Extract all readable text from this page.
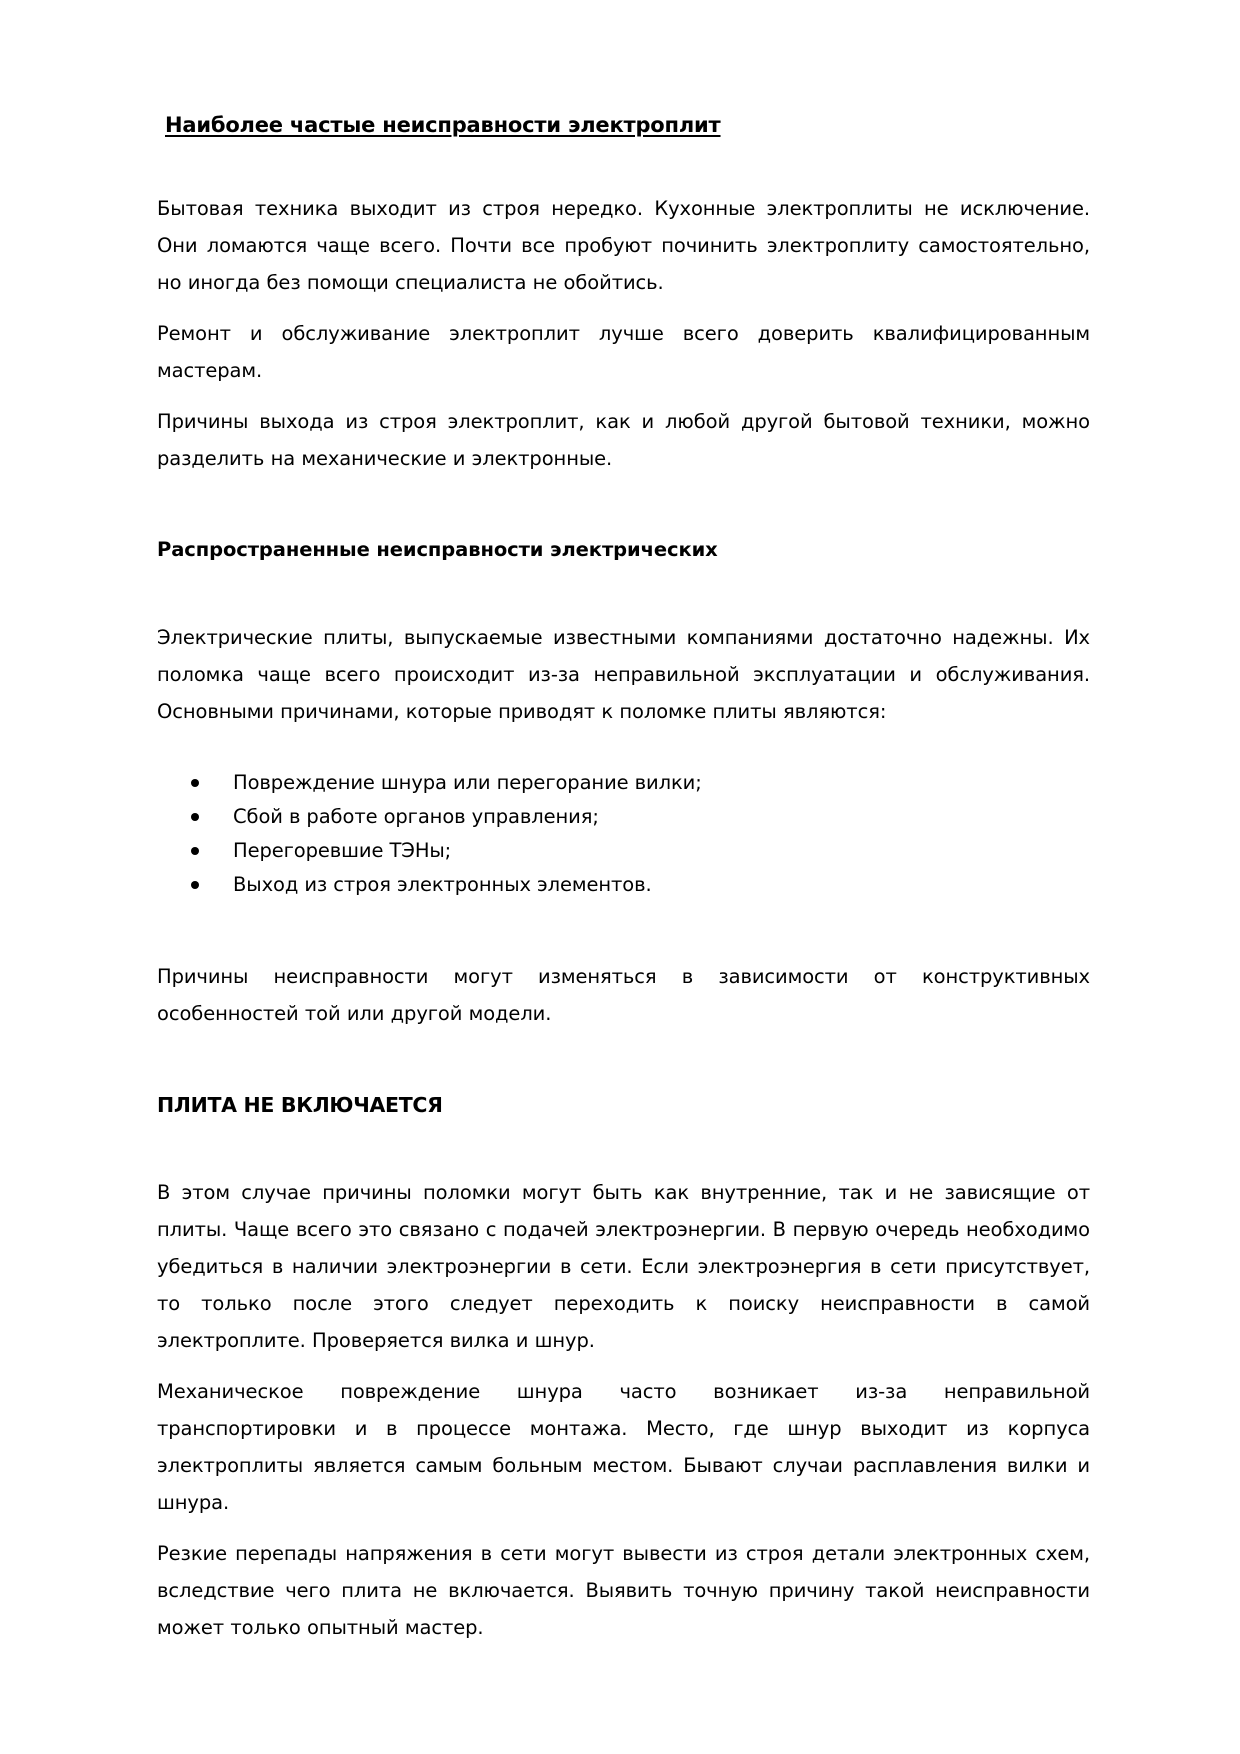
Наиболее частые неисправности электроплит

Бытовая техника выходит из строя нередко. Кухонные электроплиты не исключение. Они ломаются чаще всего. Почти все пробуют починить электроплиту самостоятельно, но иногда без помощи специалиста не обойтись.

Ремонт и обслуживание электроплит лучше всего доверить квалифицированным мастерам.

Причины выхода из строя электроплит, как и любой другой бытовой техники, можно разделить на механические и электронные.

Распространенные неисправности электрических

Электрические плиты, выпускаемые известными компаниями достаточно надежны. Их поломка чаще всего происходит из-за неправильной эксплуатации и обслуживания. Основными причинами, которые приводят к поломке плиты являются:

Повреждение шнура или перегорание вилки;
Сбой в работе органов управления;
Перегоревшие ТЭНы;
Выход из строя электронных элементов.

Причины неисправности могут изменяться в зависимости от конструктивных особенностей той или другой модели.

ПЛИТА НЕ ВКЛЮЧАЕТСЯ

В этом случае причины поломки могут быть как внутренние, так и не зависящие от плиты. Чаще всего это связано с подачей электроэнергии. В первую очередь необходимо убедиться в наличии электроэнергии в сети. Если электроэнергия в сети присутствует, то только после этого следует переходить к поиску неисправности в самой электроплите. Проверяется вилка и шнур.

Механическое повреждение шнура часто возникает из-за неправильной транспортировки и в процессе монтажа. Место, где шнур выходит из корпуса электроплиты является самым больным местом. Бывают случаи расплавления вилки и шнура.

Резкие перепады напряжения в сети могут вывести из строя детали электронных схем, вследствие чего плита не включается. Выявить точную причину такой неисправности может только опытный мастер.
